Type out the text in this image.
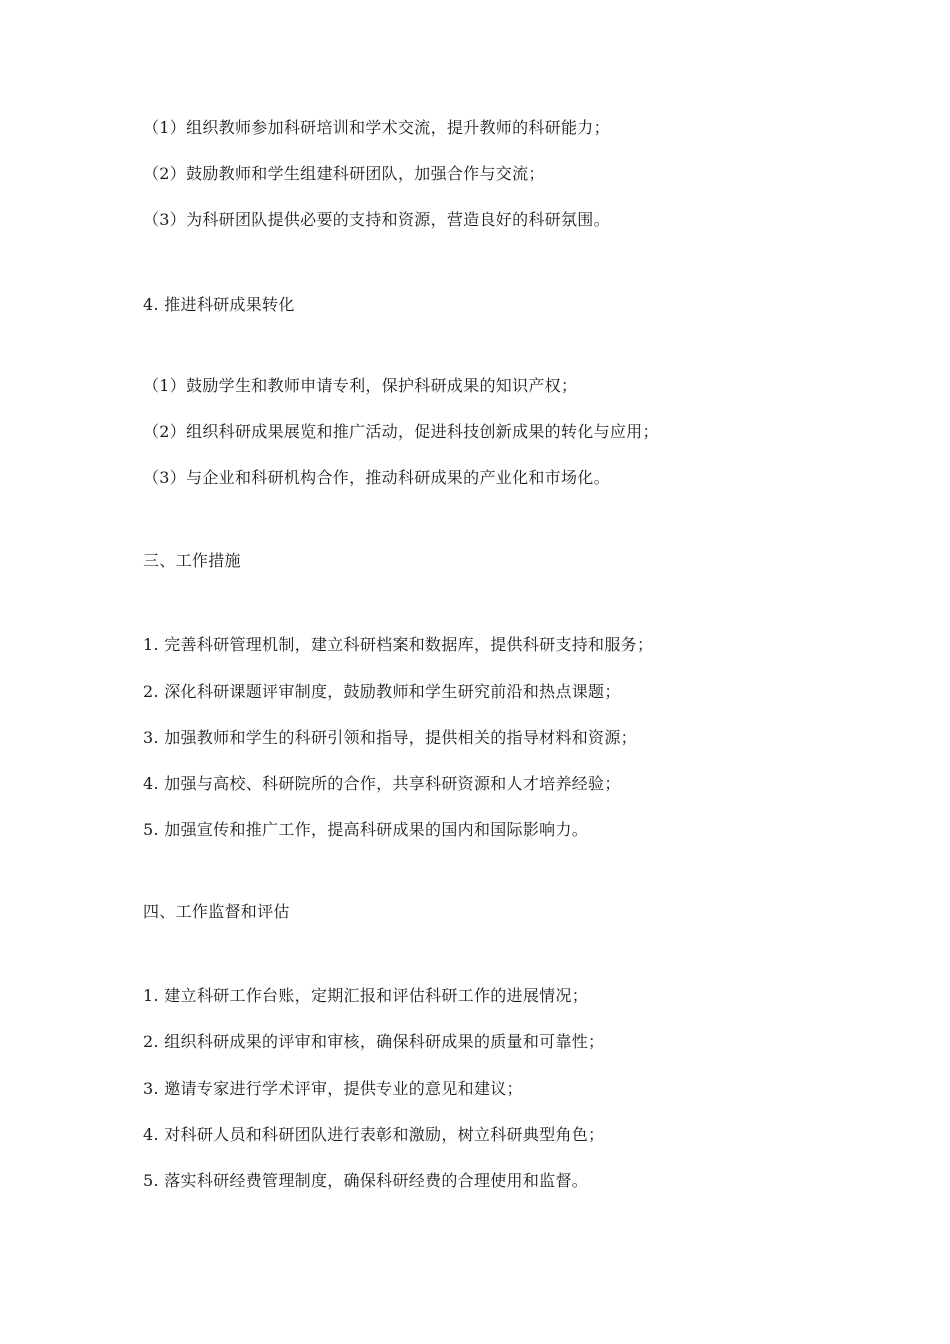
（1）组织教师参加科研培训和学术交流，提升教师的科研能力；
（2）鼓励教师和学生组建科研团队，加强合作与交流；
（3）为科研团队提供必要的支持和资源，营造良好的科研氛围。
4. 推进科研成果转化
（1）鼓励学生和教师申请专利，保护科研成果的知识产权；
（2）组织科研成果展览和推广活动，促进科技创新成果的转化与应用；
（3）与企业和科研机构合作，推动科研成果的产业化和市场化。
三、工作措施
1. 完善科研管理机制，建立科研档案和数据库，提供科研支持和服务；
2. 深化科研课题评审制度，鼓励教师和学生研究前沿和热点课题；
3. 加强教师和学生的科研引领和指导，提供相关的指导材料和资源；
4. 加强与高校、科研院所的合作，共享科研资源和人才培养经验；
5. 加强宣传和推广工作，提高科研成果的国内和国际影响力。
四、工作监督和评估
1. 建立科研工作台账，定期汇报和评估科研工作的进展情况；
2. 组织科研成果的评审和审核，确保科研成果的质量和可靠性；
3. 邀请专家进行学术评审，提供专业的意见和建议；
4. 对科研人员和科研团队进行表彰和激励，树立科研典型角色；
5. 落实科研经费管理制度，确保科研经费的合理使用和监督。
